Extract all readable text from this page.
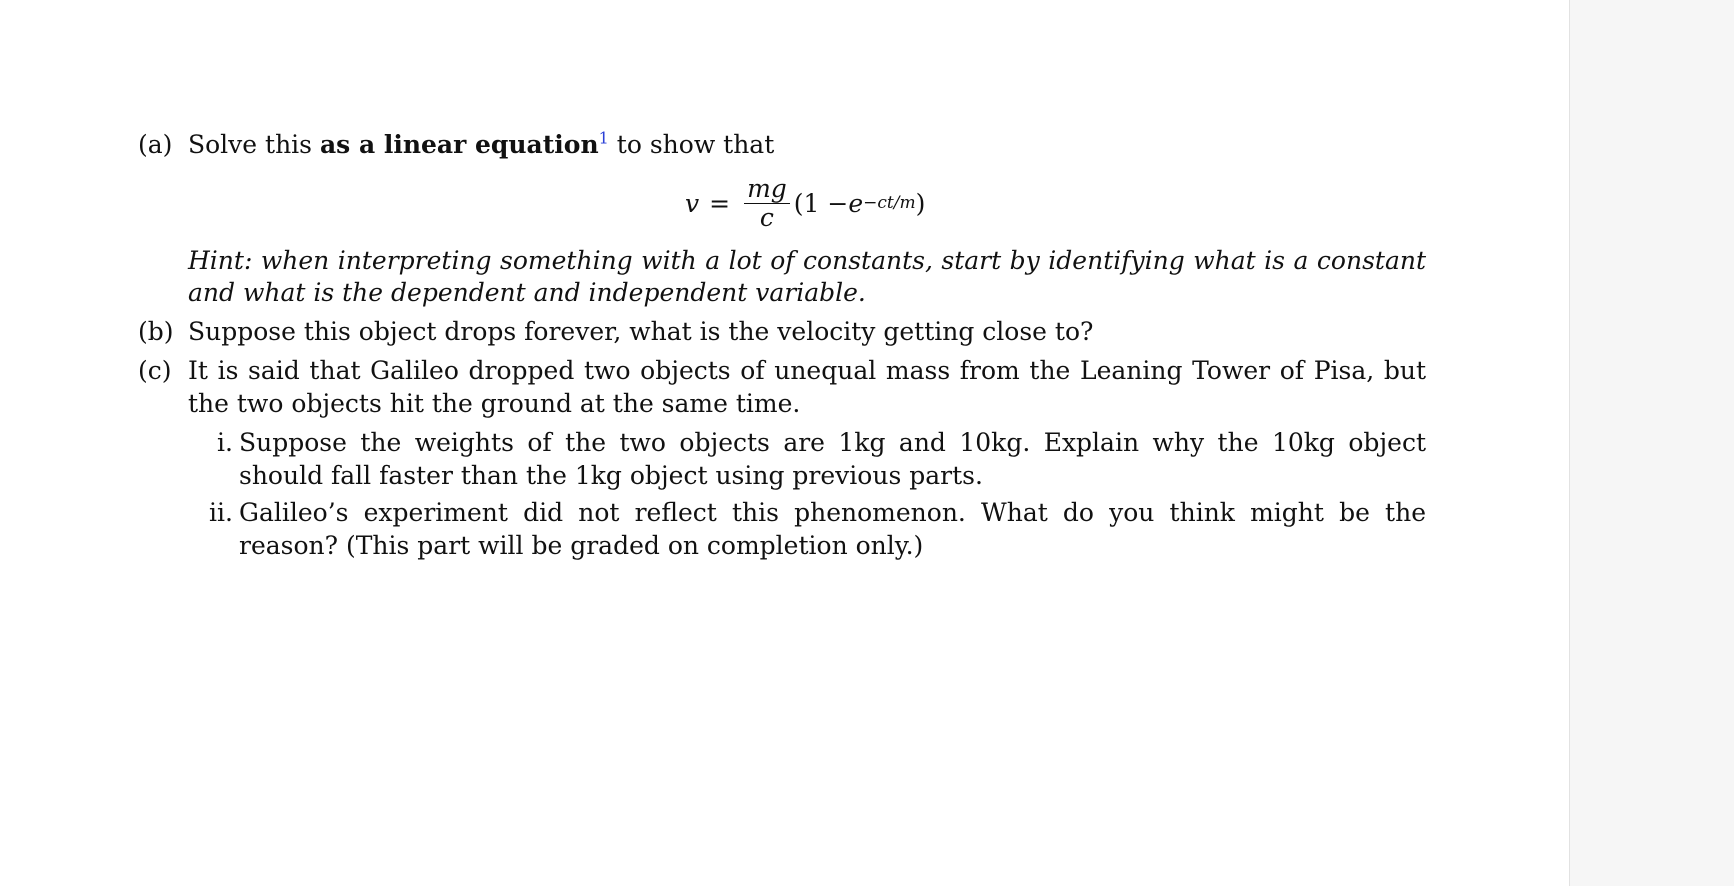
(a) Solve this as a linear equation$^1$ to show that
$v = \frac{mg}{c} (1 - e -ct/m$ )
Hint: when interpreting something with a lot of constants, start by identifying what is a constant and what is the dependent and independent variable.
(b) Suppose this object drops forever, what is the velocity getting close to?
(c) It is said that Galileo dropped two objects of unequal mass from the Leaning Tower of Pisa, but the two objects hit the ground at the same time.
i. Suppose the weights of the two objects are 1kg and 10kg. Explain why the 10kg object should fall faster than the 1kg object using previous parts.
ii. Galileo’s experiment did not reflect this phenomenon. What do you think might be the reason? (This part will be graded on completion only.)
